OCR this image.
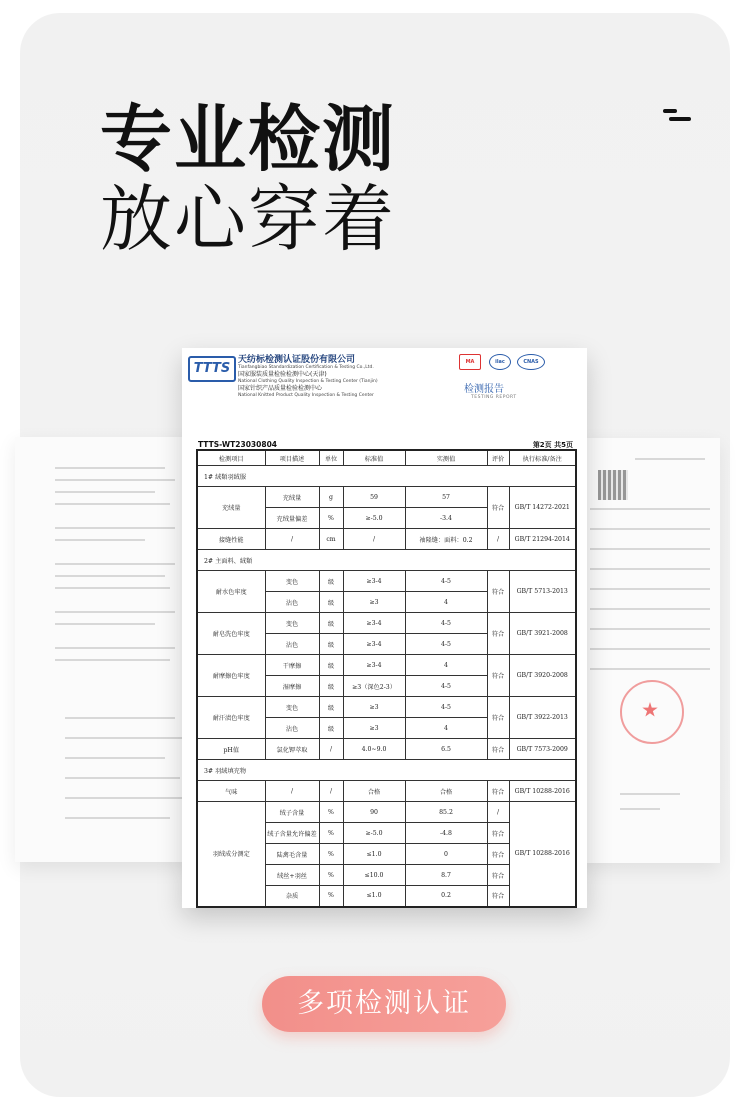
专业检测
放心穿着
TTTS
天纺标检测认证股份有限公司
Tianfangbiao Standardization Certification & Testing Co.,Ltd.
国家服装质量检验检测中心(天津)
National Clothing Quality Inspection & Testing Center (Tianjin)
国家针织产品质量检验检测中心
National Knitted Product Quality Inspection & Testing Center
MA	ilac	CNAS
检测报告
TESTING REPORT
TTTS-WT23030804	第2页 共5页
检测项目	项目描述	单位	标准值	实测值	评价	执行标准/备注
1# 絨類羽絨服						
充绒量	充绒量	g	59	57	符合	GB/T 14272-2021
	充绒量偏差	%	≥-5.0	-3.4		
接缝性能	/	cm	/	袖隆缝：面料：0.2	/	GB/T 21294-2014
2# 主面料、絨類						
耐水色牢度	变色	级	≥3-4	4-5	符合	GB/T 5713-2013
	沾色	级	≥3	4		
耐皂洗色牢度	变色	级	≥3-4	4-5	符合	GB/T 3921-2008
	沾色	级	≥3-4	4-5		
耐摩擦色牢度	干摩擦	级	≥3-4	4	符合	GB/T 3920-2008
	湿摩擦	级	≥3（深色2-3）	4-5		
耐汗渍色牢度	变色	级	≥3	4-5	符合	GB/T 3922-2013
	沾色	级	≥3	4		
pH值	氯化钾萃取	/	4.0~9.0	6.5	符合	GB/T 7573-2009
3# 羽絨填充物						
气味	/	/	合格	合格	符合	GB/T 10288-2016
羽绒成分测定	绒子含量	%	90	85.2	/	GB/T 10288-2016
	绒子含量允许偏差	%	≥-5.0	-4.8	符合	
	陆禽毛含量	%	≤1.0	0	符合	
	绒丝+羽丝	%	≤10.0	8.7	符合	
	杂质	%	≤1.0	0.2	符合	
多项检测认证
